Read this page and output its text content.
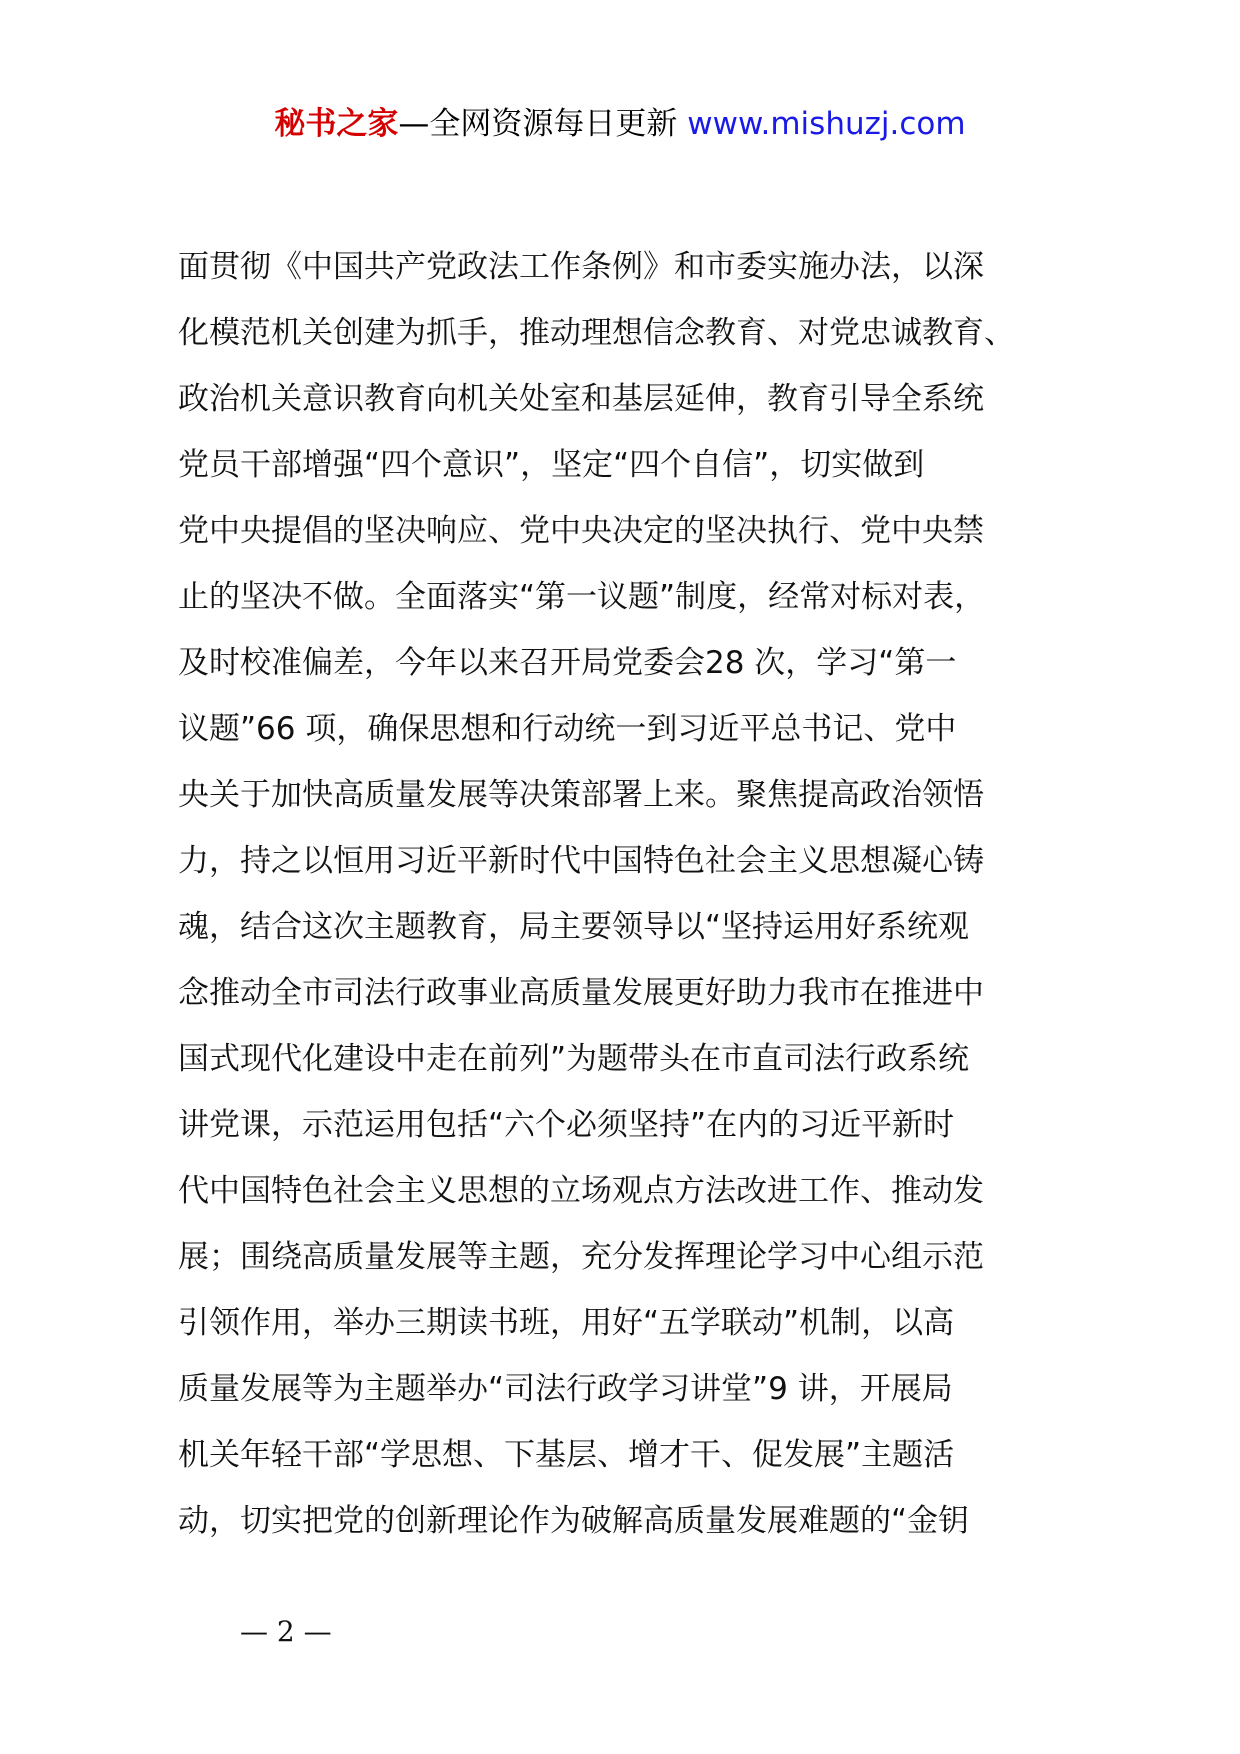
秘书之家—全网资源每日更新 www.mishuzj.com
面贯彻《中国共产党政法工作条例》和市委实施办法，以深
化模范机关创建为抓手，推动理想信念教育、对党忠诚教育、
政治机关意识教育向机关处室和基层延伸，教育引导全系统
党员干部增强“四个意识”，坚定“四个自信”，切实做到
党中央提倡的坚决响应、党中央决定的坚决执行、党中央禁
止的坚决不做。全面落实“第一议题”制度，经常对标对表，
及时校准偏差，今年以来召开局党委会28 次，学习“第一
议题”66 项，确保思想和行动统一到习近平总书记、党中
央关于加快高质量发展等决策部署上来。聚焦提高政治领悟
力，持之以恒用习近平新时代中国特色社会主义思想凝心铸
魂，结合这次主题教育，局主要领导以“坚持运用好系统观
念推动全市司法行政事业高质量发展更好助力我市在推进中
国式现代化建设中走在前列”为题带头在市直司法行政系统
讲党课，示范运用包括“六个必须坚持”在内的习近平新时
代中国特色社会主义思想的立场观点方法改进工作、推动发
展；围绕高质量发展等主题，充分发挥理论学习中心组示范
引领作用，举办三期读书班，用好“五学联动”机制，以高
质量发展等为主题举办“司法行政学习讲堂”9 讲，开展局
机关年轻干部“学思想、下基层、增才干、促发展”主题活
动，切实把党的创新理论作为破解高质量发展难题的“金钥
— 2 —
